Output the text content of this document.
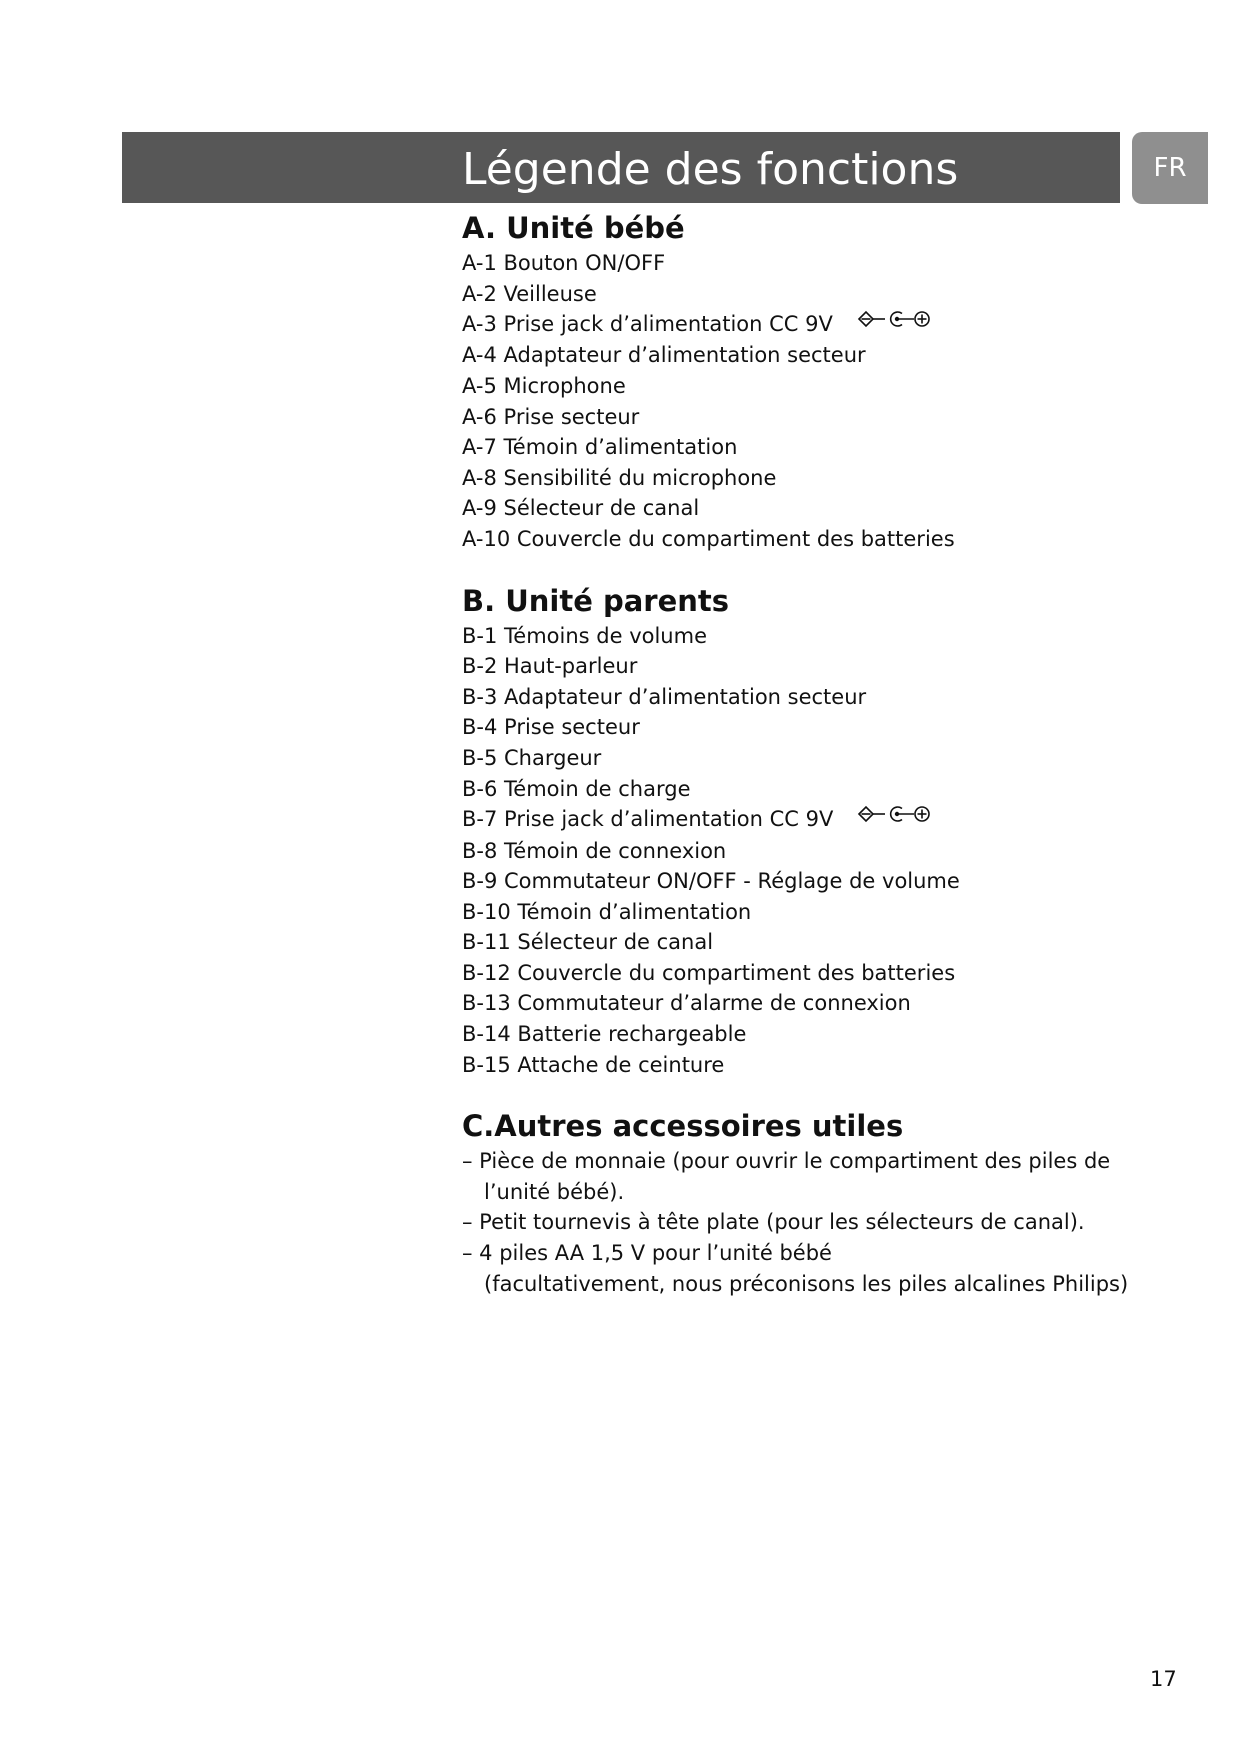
Légende des fonctions	FR
A. Unité bébé
A-1 Bouton ON/OFF
A-2 Veilleuse
A-3 Prise jack d’alimentation CC 9V
A-4 Adaptateur d’alimentation secteur
A-5 Microphone
A-6 Prise secteur
A-7 Témoin d’alimentation
A-8 Sensibilité du microphone
A-9 Sélecteur de canal
A-10 Couvercle du compartiment des batteries
B. Unité parents
B-1 Témoins de volume
B-2 Haut-parleur
B-3 Adaptateur d’alimentation secteur
B-4 Prise secteur
B-5 Chargeur
B-6 Témoin de charge
B-7 Prise jack d’alimentation CC 9V
B-8 Témoin de connexion
B-9 Commutateur ON/OFF - Réglage de volume
B-10 Témoin d’alimentation
B-11 Sélecteur de canal
B-12 Couvercle du compartiment des batteries
B-13 Commutateur d’alarme de connexion
B-14 Batterie rechargeable
B-15 Attache de ceinture
C.Autres accessoires utiles
– Pièce de monnaie (pour ouvrir le compartiment des piles de l’unité bébé).
– Petit tournevis à tête plate (pour les sélecteurs de canal).
– 4 piles AA 1,5 V pour l’unité bébé
(facultativement, nous préconisons les piles alcalines Philips)
17
